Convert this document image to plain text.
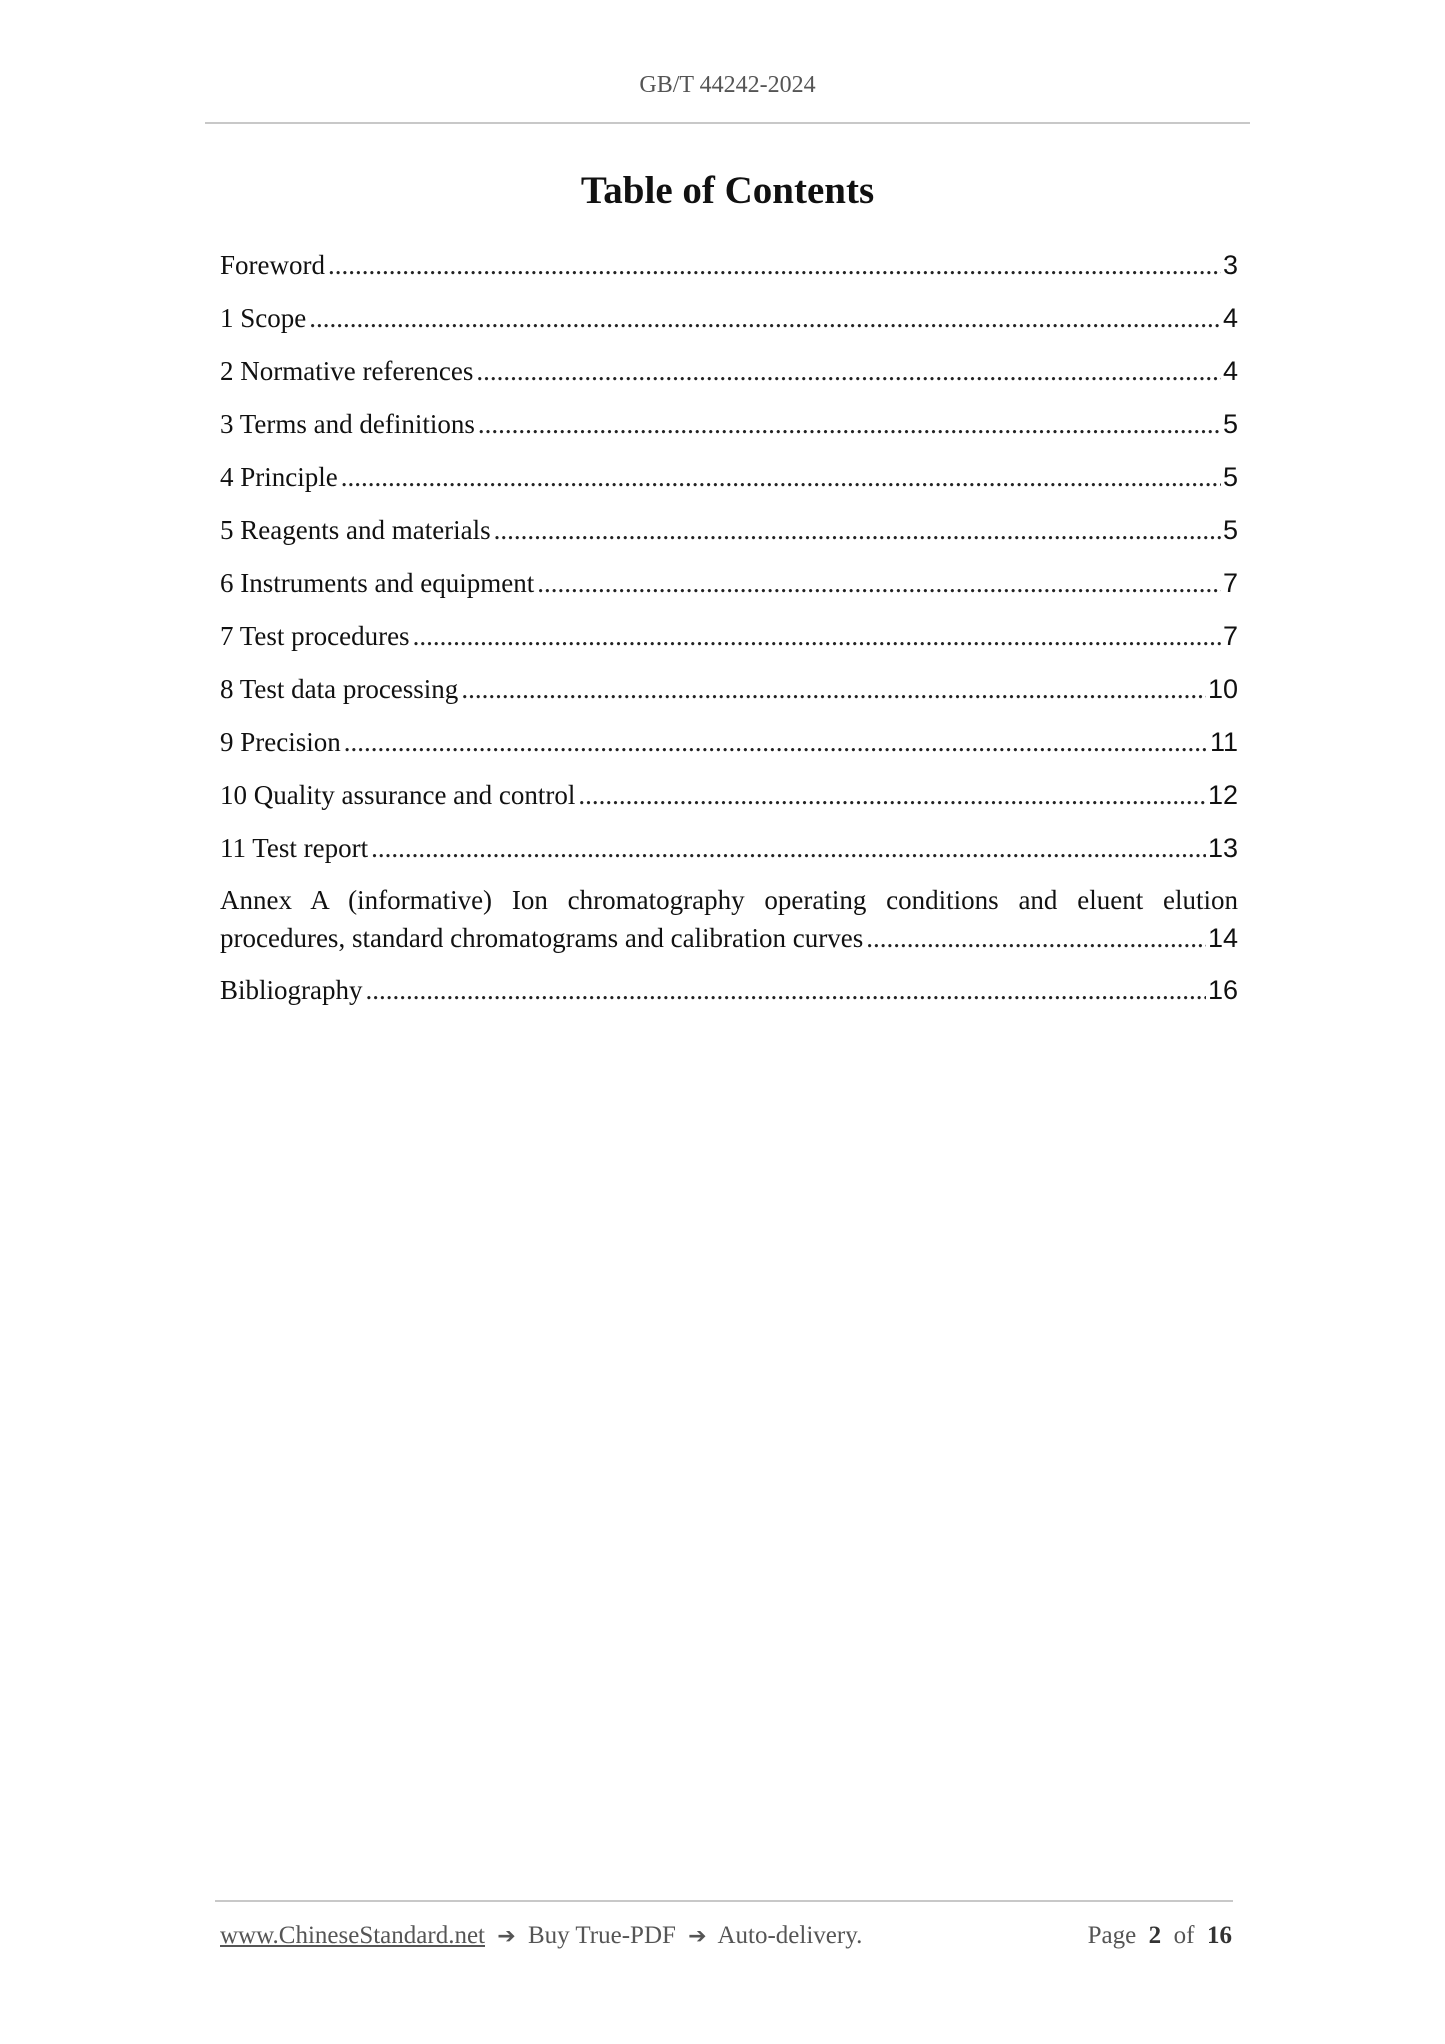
GB/T 44242-2024
Table of Contents
Foreword .....	3
1 Scope .....	4
2 Normative references .....	4
3 Terms and definitions .....	5
4 Principle .....	5
5 Reagents and materials .....	5
6 Instruments and equipment .....	7
7 Test procedures .....	7
8 Test data processing .....	10
9 Precision .....	11
10 Quality assurance and control .....	12
11 Test report .....	13
Annex A (informative) Ion chromatography operating conditions and eluent elution
procedures, standard chromatograms and calibration curves .....	14
Bibliography .....	16
www.ChineseStandard.net ➔ Buy True-PDF ➔ Auto-delivery.	Page 2 of 16
